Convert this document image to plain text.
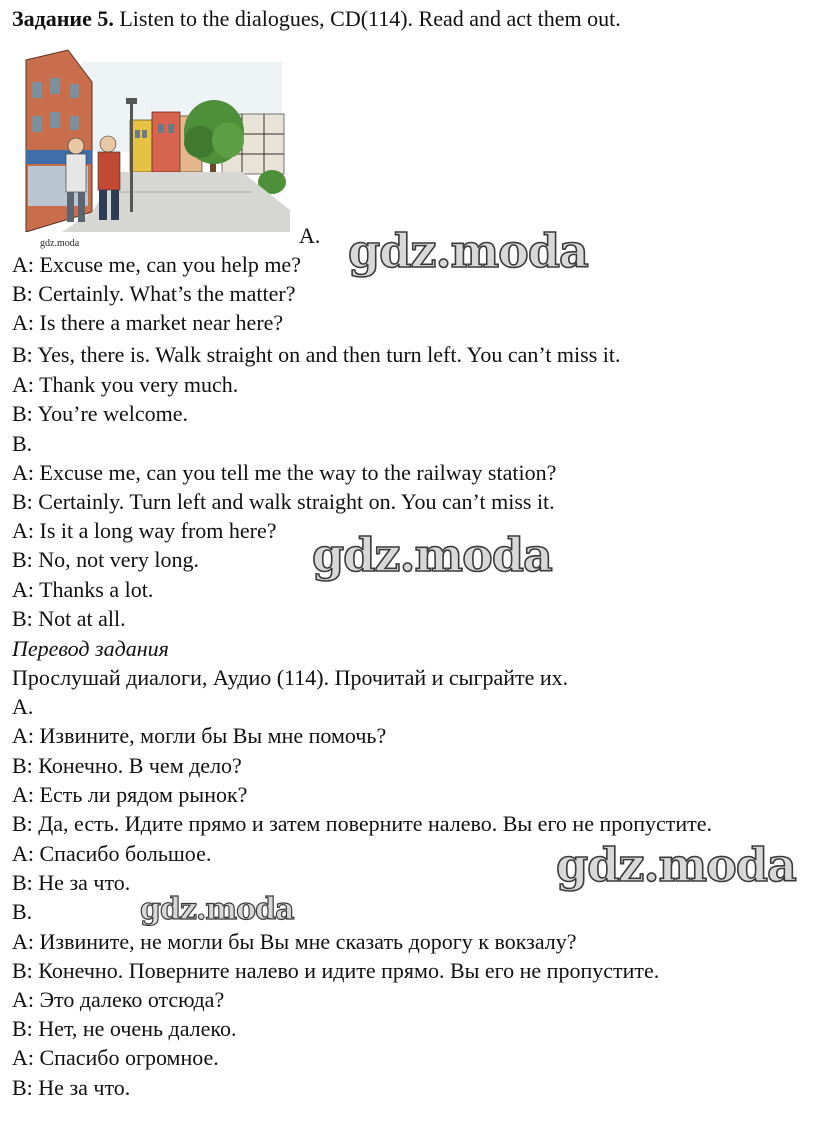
Задание 5. Listen to the dialogues, CD(114). Read and act them out.
gdz.moda	A.
A: Excuse me, can you help me?
B: Certainly. What’s the matter?
A: Is there a market near here?
B: Yes, there is. Walk straight on and then turn left. You can’t miss it.
A: Thank you very much.
B: You’re welcome.
B.
A: Excuse me, can you tell me the way to the railway station?
B: Certainly. Turn left and walk straight on. You can’t miss it.
A: Is it a long way from here?
B: No, not very long.
A: Thanks a lot.
B: Not at all.
Перевод задания
Прослушай диалоги, Аудио (114). Прочитай и сыграйте их.
A.
A: Извините, могли бы Вы мне помочь?
B: Конечно. В чем дело?
A: Есть ли рядом рынок?
B: Да, есть. Идите прямо и затем поверните налево. Вы его не пропустите.
A: Спасибо большое.
B: Не за что.
B.
A: Извините, не могли бы Вы мне сказать дорогу к вокзалу?
B: Конечно. Поверните налево и идите прямо. Вы его не пропустите.
A: Это далеко отсюда?
B: Нет, не очень далеко.
A: Спасибо огромное.
B: Не за что.
gdz.moda
gdz.moda
gdz.moda
gdz.moda
